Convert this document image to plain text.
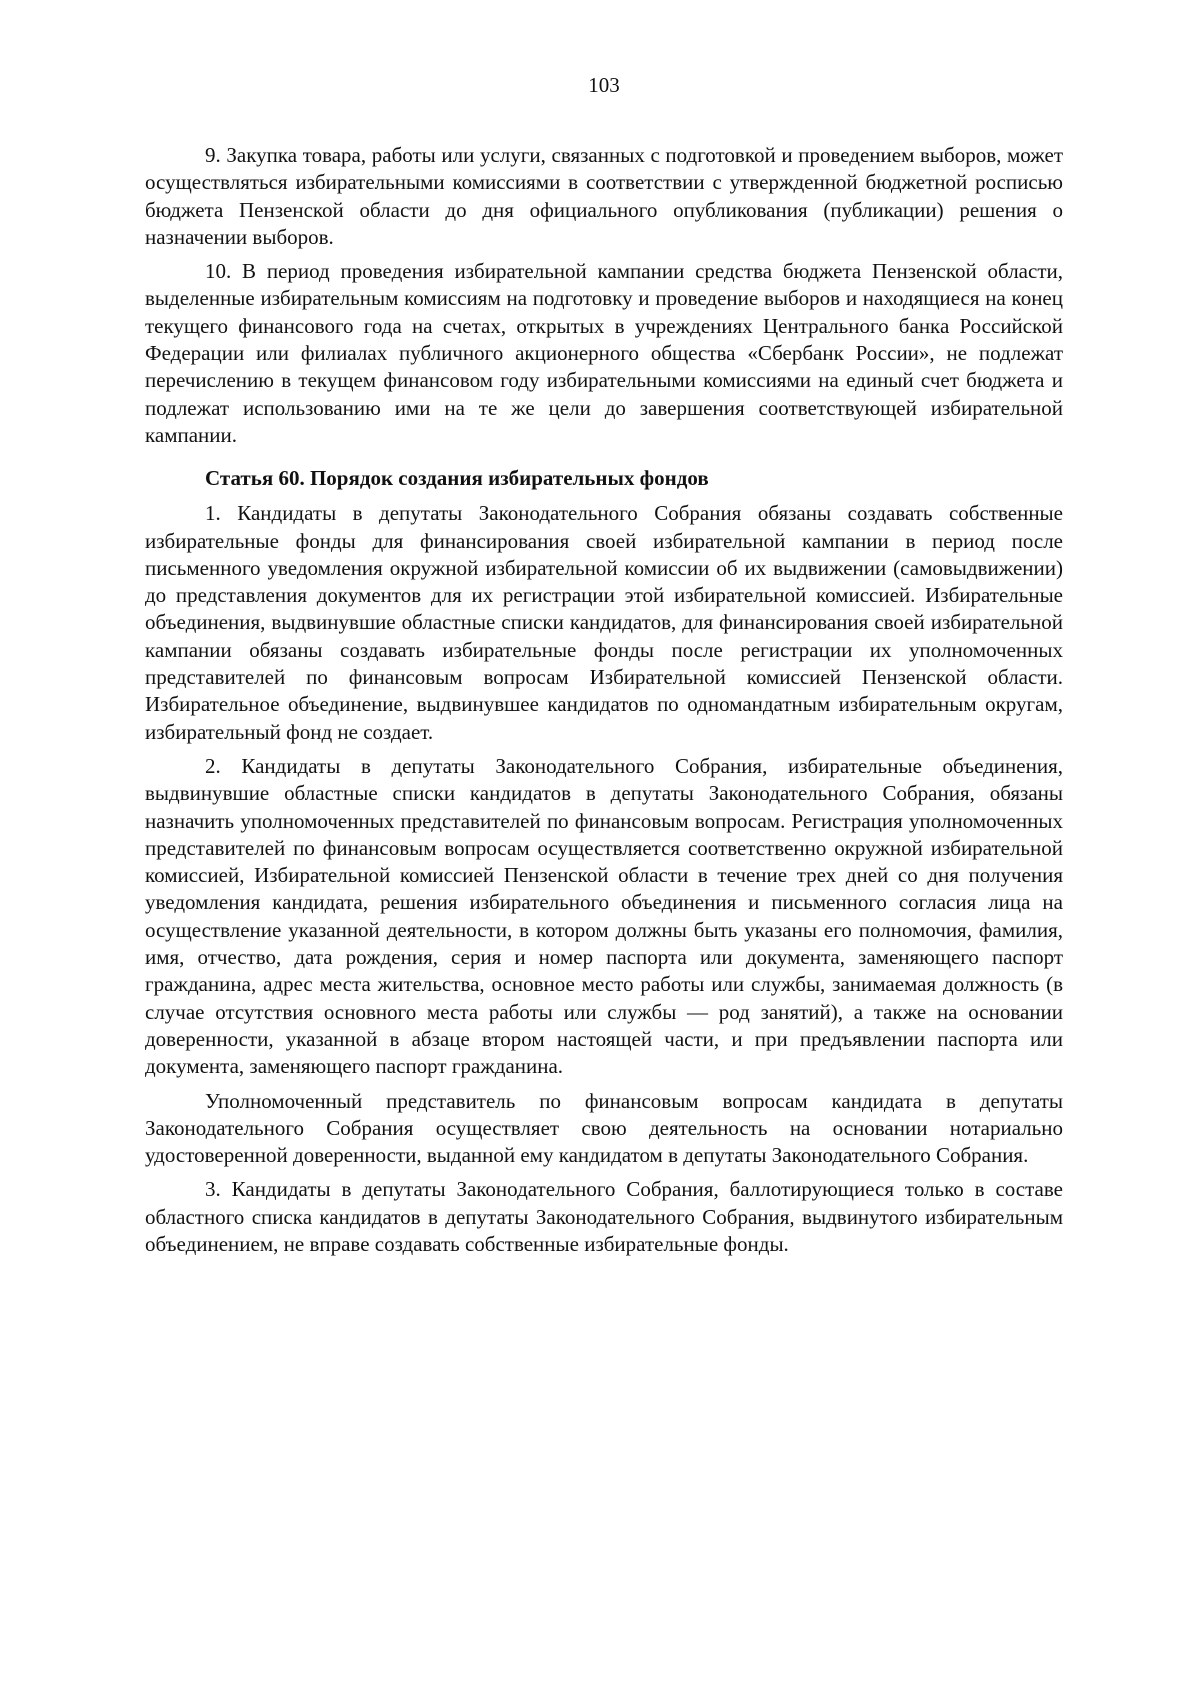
103

9. Закупка товара, работы или услуги, связанных с подготовкой и проведением выборов, может осуществляться избирательными комиссиями в соответствии с утвержденной бюджетной росписью бюджета Пензенской области до дня официального опубликования (публикации) решения о назначении выборов.

10. В период проведения избирательной кампании средства бюджета Пензенской области, выделенные избирательным комиссиям на подготовку и проведение выборов и находящиеся на конец текущего финансового года на счетах, открытых в учреждениях Центрального банка Российской Федерации или филиалах публичного акционерного общества «Сбербанк России», не подлежат перечислению в текущем финансовом году избирательными комиссиями на единый счет бюджета и подлежат использованию ими на те же цели до завершения соответствующей избирательной кампании.

Статья 60. Порядок создания избирательных фондов

1. Кандидаты в депутаты Законодательного Собрания обязаны создавать собственные избирательные фонды для финансирования своей избирательной кампании в период после письменного уведомления окружной избирательной комиссии об их выдвижении (самовыдвижении) до представления документов для их регистрации этой избирательной комиссией. Избирательные объединения, выдвинувшие областные списки кандидатов, для финансирования своей избирательной кампании обязаны создавать избирательные фонды после регистрации их уполномоченных представителей по финансовым вопросам Избирательной комиссией Пензенской области. Избирательное объединение, выдвинувшее кандидатов по одномандатным избирательным округам, избирательный фонд не создает.

2. Кандидаты в депутаты Законодательного Собрания, избирательные объединения, выдвинувшие областные списки кандидатов в депутаты Законодательного Собрания, обязаны назначить уполномоченных представителей по финансовым вопросам. Регистрация уполномоченных представителей по финансовым вопросам осуществляется соответственно окружной избирательной комиссией, Избирательной комиссией Пензенской области в течение трех дней со дня получения уведомления кандидата, решения избирательного объединения и письменного согласия лица на осуществление указанной деятельности, в котором должны быть указаны его полномочия, фамилия, имя, отчество, дата рождения, серия и номер паспорта или документа, заменяющего паспорт гражданина, адрес места жительства, основное место работы или службы, занимаемая должность (в случае отсутствия основного места работы или службы — род занятий), а также на основании доверенности, указанной в абзаце втором настоящей части, и при предъявлении паспорта или документа, заменяющего паспорт гражданина.

Уполномоченный представитель по финансовым вопросам кандидата в депутаты Законодательного Собрания осуществляет свою деятельность на основании нотариально удостоверенной доверенности, выданной ему кандидатом в депутаты Законодательного Собрания.

3. Кандидаты в депутаты Законодательного Собрания, баллотирующиеся только в составе областного списка кандидатов в депутаты Законодательного Собрания, выдвинутого избирательным объединением, не вправе создавать собственные избирательные фонды.
